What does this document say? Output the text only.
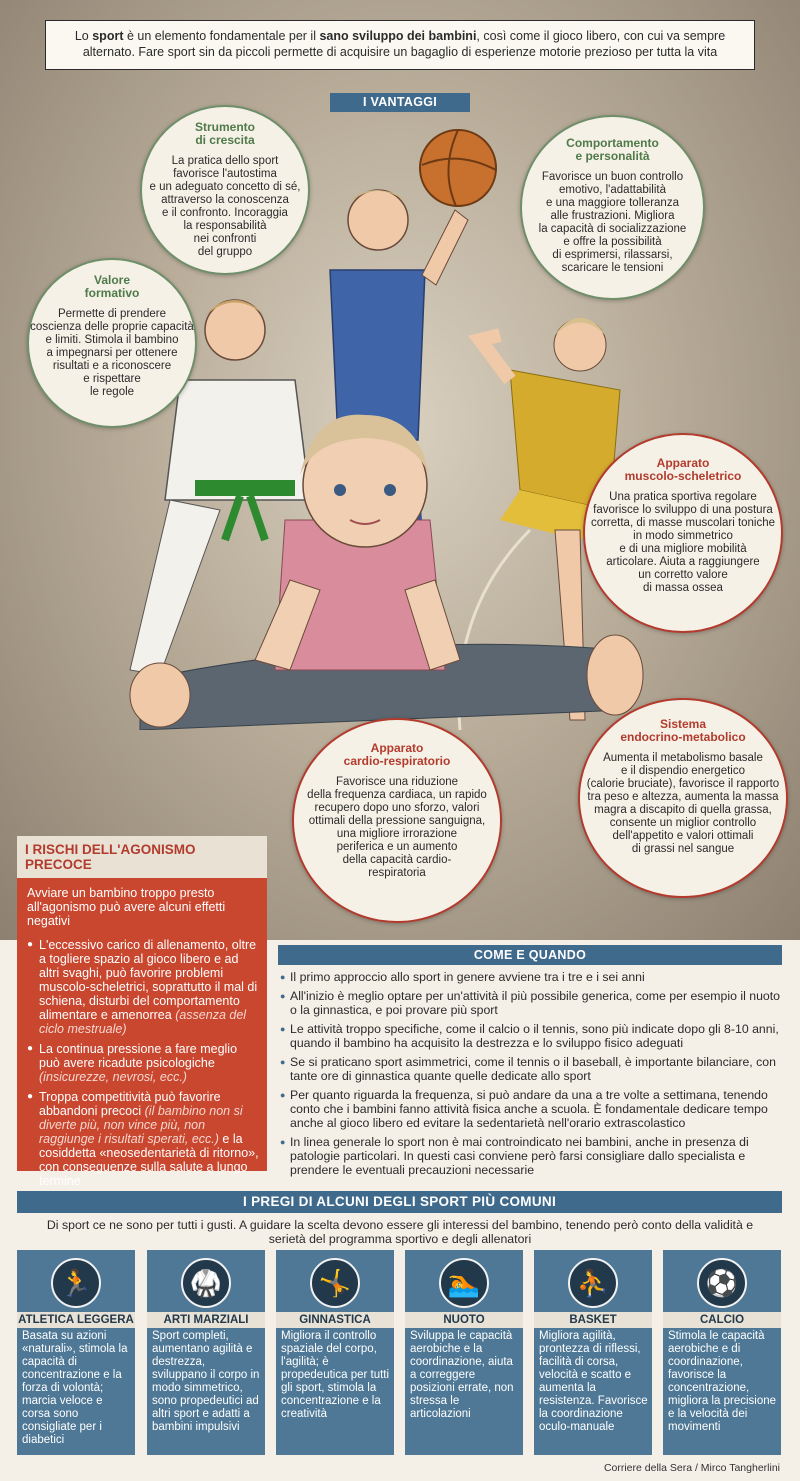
Lo sport è un elemento fondamentale per il sano sviluppo dei bambini, così come il gioco libero, con cui va sempre alternato. Fare sport sin da piccoli permette di acquisire un bagaglio di esperienze motorie prezioso per tutta la vita
I VANTAGGI
Strumento
di crescita
La pratica dello sport
favorisce l'autostima
e un adeguato concetto di sé,
attraverso la conoscenza
e il confronto. Incoraggia
la responsabilità
nei confronti
del gruppo
Comportamento
e personalità
Favorisce un buon controllo
emotivo, l'adattabilità
e una maggiore tolleranza
alle frustrazioni. Migliora
la capacità di socializzazione
e offre la possibilità
di esprimersi, rilassarsi,
scaricare le tensioni
Valore
formativo
Permette di prendere
coscienza delle proprie capacità
e limiti. Stimola il bambino
a impegnarsi per ottenere
risultati e a riconoscere
e rispettare
le regole
Apparato
muscolo-scheletrico
Una pratica sportiva regolare
favorisce lo sviluppo di una postura
corretta, di masse muscolari toniche
in modo simmetrico
e di una migliore mobilità
articolare. Aiuta a raggiungere
un corretto valore
di massa ossea
Sistema
endocrino-metabolico
Aumenta il metabolismo basale
e il dispendio energetico
(calorie bruciate), favorisce il rapporto
tra peso e altezza, aumenta la massa
magra a discapito di quella grassa,
consente un miglior controllo
dell'appetito e valori ottimali
di grassi nel sangue
Apparato
cardio-respiratorio
Favorisce una riduzione
della frequenza cardiaca, un rapido
recupero dopo uno sforzo, valori
ottimali della pressione sanguigna,
una migliore irrorazione
periferica e un aumento
della capacità cardio-
respiratoria
I RISCHI DELL'AGONISMO PRECOCE
Avviare un bambino troppo presto all'agonismo può avere alcuni effetti negativi
● L'eccessivo carico di allenamento, oltre a togliere spazio al gioco libero e ad altri svaghi, può favorire problemi muscolo-scheletrici, soprattutto il mal di schiena, disturbi del comportamento alimentare e amenorrea (assenza del ciclo mestruale)
● La continua pressione a fare meglio può avere ricadute psicologiche (insicurezze, nevrosi, ecc.)
● Troppa competitività può favorire abbandoni precoci (il bambino non si diverte più, non vince più, non raggiunge i risultati sperati, ecc.) e la cosiddetta «neosedentarietà di ritorno», con conseguenze sulla salute a lungo termine
COME E QUANDO
● Il primo approccio allo sport in genere avviene tra i tre e i sei anni
● All'inizio è meglio optare per un'attività il più possibile generica, come per esempio il nuoto o la ginnastica, e poi provare più sport
● Le attività troppo specifiche, come il calcio o il tennis, sono più indicate dopo gli 8-10 anni, quando il bambino ha acquisito la destrezza e lo sviluppo fisico adeguati
● Se si praticano sport asimmetrici, come il tennis o il baseball, è importante bilanciare, con tante ore di ginnastica quante quelle dedicate allo sport
● Per quanto riguarda la frequenza, si può andare da una a tre volte a settimana, tenendo conto che i bambini fanno attività fisica anche a scuola. È fondamentale dedicare tempo anche al gioco libero ed evitare la sedentarietà nell'orario extrascolastico
● In linea generale lo sport non è mai controindicato nei bambini, anche in presenza di patologie particolari. In questi casi conviene però farsi consigliare dallo specialista e prendere le eventuali precauzioni necessarie
I PREGI DI ALCUNI DEGLI SPORT PIÙ COMUNI
Di sport ce ne sono per tutti i gusti. A guidare la scelta devono essere gli interessi del bambino, tenendo però conto della validità e serietà del programma sportivo e degli allenatori
🏃
ATLETICA LEGGERA
Basata su azioni «naturali», stimola la capacità di concentrazione e la forza di volontà; marcia veloce e corsa sono consigliate per i diabetici
🥋
ARTI MARZIALI
Sport completi, aumentano agilità e destrezza, sviluppano il corpo in modo simmetrico, sono propedeutici ad altri sport e adatti a bambini impulsivi
🤸
GINNASTICA
Migliora il controllo spaziale del corpo, l'agilità; è propedeutica per tutti gli sport, stimola la concentrazione e la creatività
🏊
NUOTO
Sviluppa le capacità aerobiche e la coordinazione, aiuta a correggere posizioni errate, non stressa le articolazioni
⛹
BASKET
Migliora agilità, prontezza di riflessi, facilità di corsa, velocità e scatto e aumenta la resistenza. Favorisce la coordinazione oculo-manuale
⚽
CALCIO
Stimola le capacità aerobiche e di coordinazione, favorisce la concentrazione, migliora la precisione e la velocità dei movimenti
Corriere della Sera / Mirco Tangherlini
